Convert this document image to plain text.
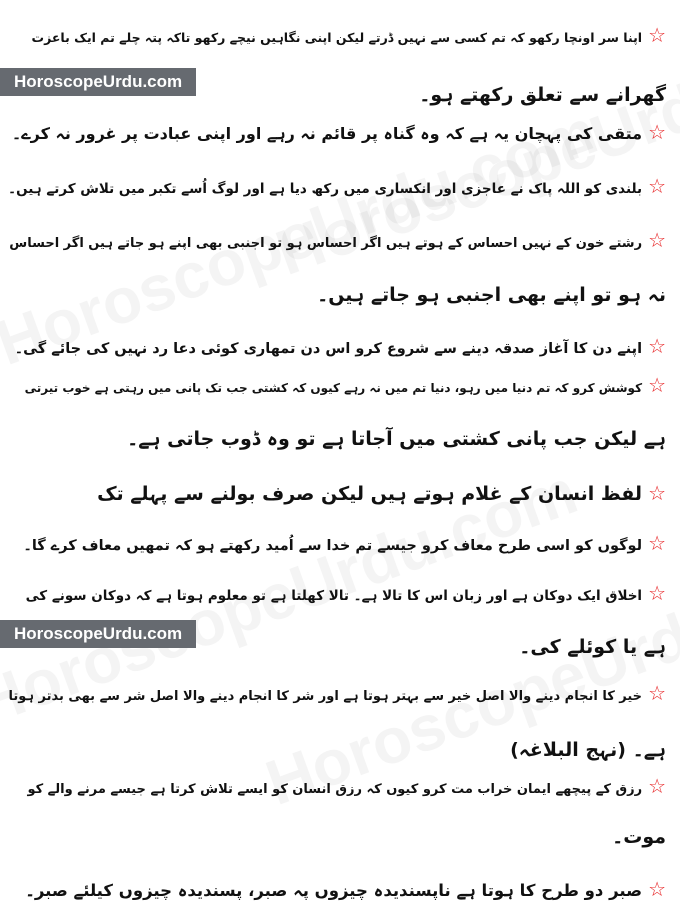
HoroscopeUrdu.com
HoroscopeUrdu.com
☆اپنا سر اونچا رکھو کہ تم کسی سے نہیں ڈرتے لیکن اپنی نگاہیں نیچے رکھو تاکہ پتہ چلے تم ایک باعزت
گھرانے سے تعلق رکھتے ہو۔
☆متقی کی پہچان یہ ہے کہ وہ گناہ پر قائم نہ رہے اور اپنی عبادت پر غرور نہ کرے۔
☆بلندی کو اللہ پاک نے عاجزی اور انکساری میں رکھ دیا ہے اور لوگ اُسے تکبر میں تلاش کرتے ہیں۔
☆رشتے خون کے نہیں احساس کے ہوتے ہیں اگر احساس ہو تو اجنبی بھی اپنے ہو جاتے ہیں اگر احساس
نہ ہو تو اپنے بھی اجنبی ہو جاتے ہیں۔
☆اپنے دن کا آغاز صدقہ دینے سے شروع کرو اس دن تمھاری کوئی دعا رد نہیں کی جائے گی۔
☆کوشش کرو کہ تم دنیا میں رہو، دنیا تم میں نہ رہے کیوں کہ کشتی جب تک پانی میں رہتی ہے خوب تیرتی
ہے لیکن جب پانی کشتی میں آجاتا ہے تو وہ ڈوب جاتی ہے۔
☆لفظ انسان کے غلام ہوتے ہیں لیکن صرف بولنے سے پہلے تک
☆لوگوں کو اسی طرح معاف کرو جیسے تم خدا سے اُمید رکھتے ہو کہ تمھیں معاف کرے گا۔
☆اخلاق ایک دوکان ہے اور زبان اس کا تالا ہے۔ تالا کھلتا ہے تو معلوم ہوتا ہے کہ دوکان سونے کی
ہے یا کوئلے کی۔
☆خیر کا انجام دینے والا اصل خیر سے بہتر ہوتا ہے اور شر کا انجام دینے والا اصل شر سے بھی بدتر ہوتا
ہے۔ (نہج البلاغہ)
☆رزق کے پیچھے ایمان خراب مت کرو کیوں کہ رزق انسان کو ایسے تلاش کرتا ہے جیسے مرنے والے کو
موت۔
☆صبر دو طرح کا ہوتا ہے ناپسندیدہ چیزوں پہ صبر، پسندیدہ چیزوں کیلئے صبر۔
